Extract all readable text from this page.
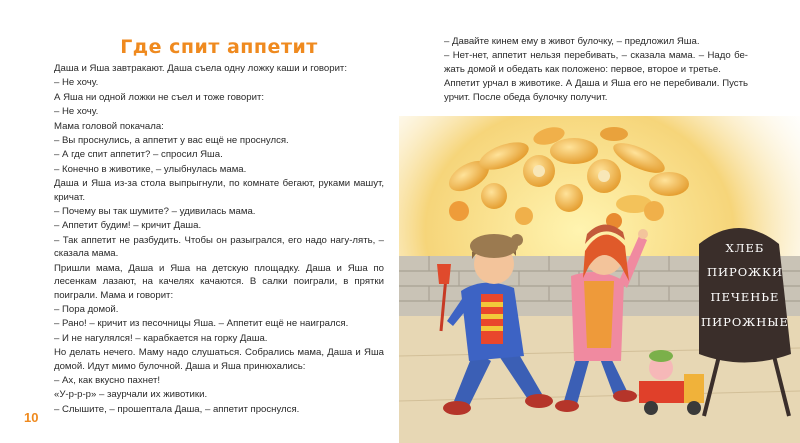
Где спит аппетит

Даша и Яша завтракают. Даша съела одну ложку каши и говорит:

– Не хочу.

А Яша ни одной ложки не съел и тоже говорит:

– Не хочу.

Мама головой покачала:

– Вы проснулись, а аппетит у вас ещё не проснулся.

– А где спит аппетит? – спросил Яша.

– Конечно в животике, – улыбнулась мама.

Даша и Яша из-за стола выпрыгнули, по комнате бегают, руками машут, кричат.

– Почему вы так шумите? – удивилась мама.

– Аппетит будим! – кричит Даша.

– Так аппетит не разбудить. Чтобы он разыгрался, его надо нагу-лять, – сказала мама.

Пришли мама, Даша и Яша на детскую площадку. Даша и Яша по лесенкам лазают, на качелях качаются. В салки поиграли, в прятки поиграли. Мама и говорит:

– Пора домой.

– Рано! – кричит из песочницы Яша. – Аппетит ещё не наигрался.

– И не нагулялся! – карабкается на горку Даша.

Но делать нечего. Маму надо слушаться. Собрались мама, Даша и Яша домой. Идут мимо булочной. Даша и Яша принюхались:

– Ах, как вкусно пахнет!

«У-р-р-р» – заурчали их животики.

– Слышите, – прошептала Даша, – аппетит проснулся.

– Давайте кинем ему в живот булочку, – предложил Яша.

– Нет-нет, аппетит нельзя перебивать, – сказала мама. – Надо бе-жать домой и обедать как положено: первое, второе и третье.

Аппетит урчал в животике. А Даша и Яша его не перебивали. Пусть урчит. После обеда булочку получит.

10
ХЛЕБ
ПИРОЖКИ
ПЕЧЕНЬЕ
ПИРОЖНЫЕ
